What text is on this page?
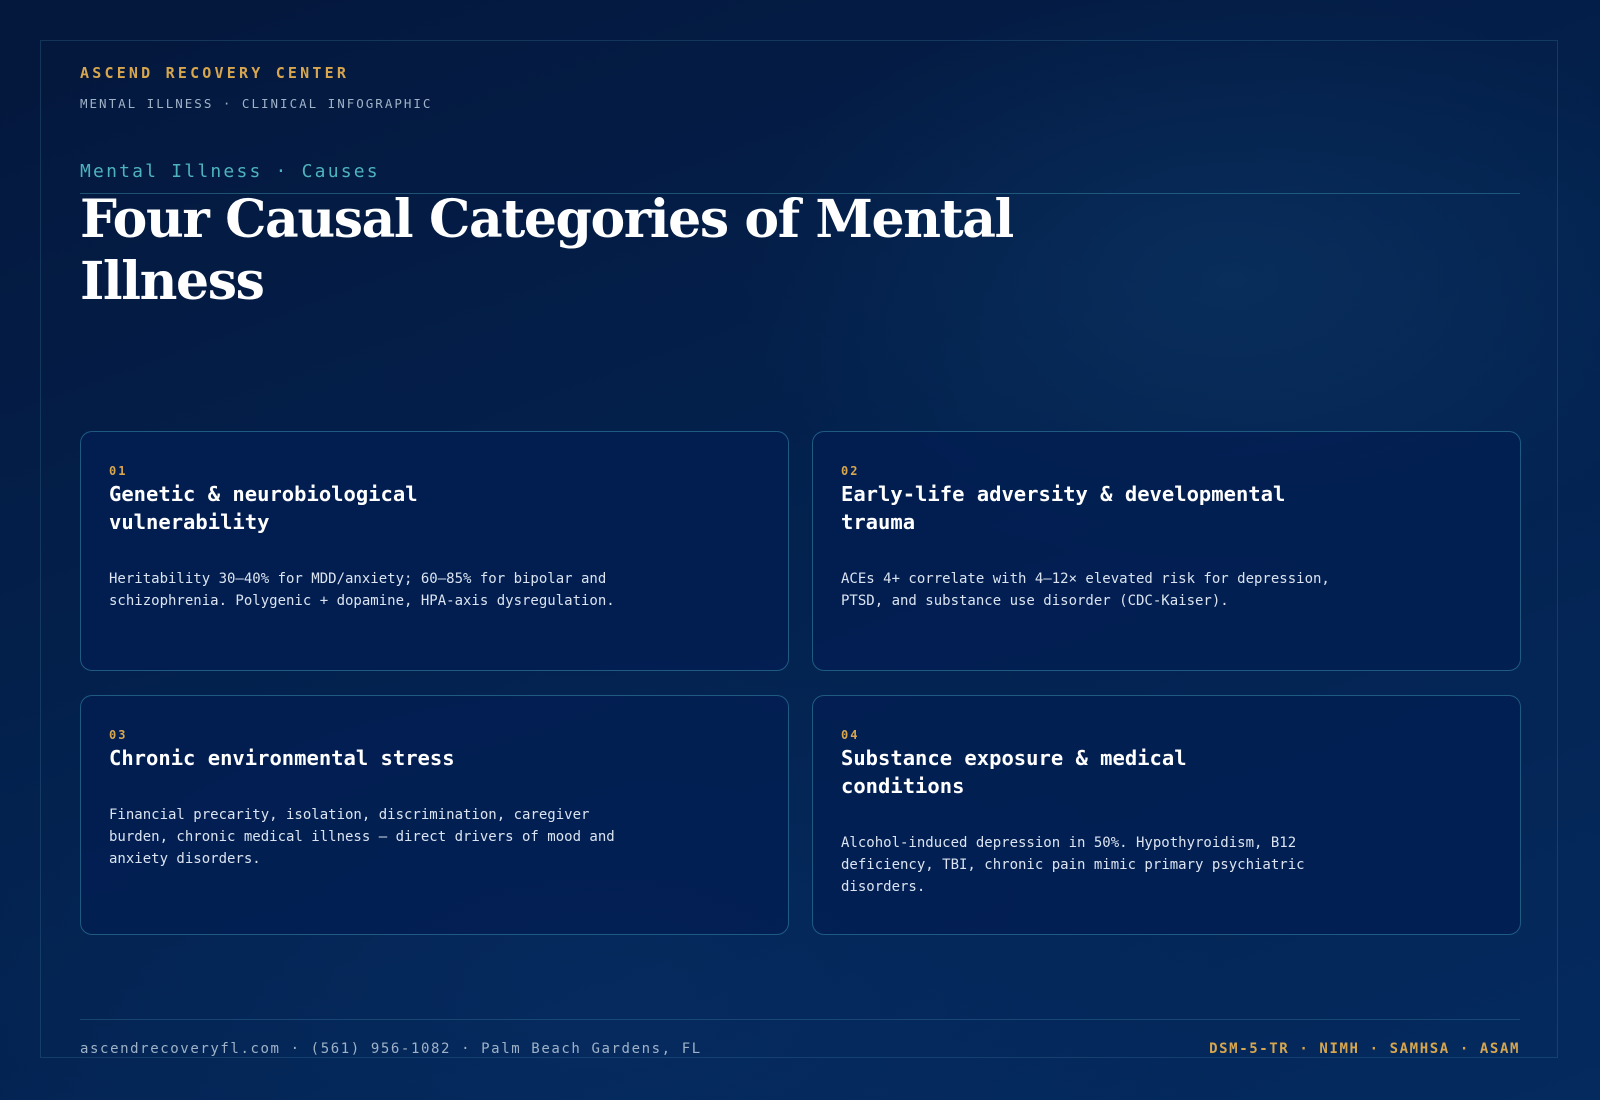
ASCEND RECOVERY CENTER
MENTAL ILLNESS · CLINICAL INFOGRAPHIC
Mental Illness · Causes
Four Causal Categories of Mental Illness
01
Genetic & neurobiological vulnerability
Heritability 30–40% for MDD/anxiety; 60–85% for bipolar and schizophrenia. Polygenic + dopamine, HPA-axis dysregulation.
02
Early-life adversity & developmental trauma
ACEs 4+ correlate with 4–12× elevated risk for depression, PTSD, and substance use disorder (CDC-Kaiser).
03
Chronic environmental stress
Financial precarity, isolation, discrimination, caregiver burden, chronic medical illness — direct drivers of mood and anxiety disorders.
04
Substance exposure & medical conditions
Alcohol-induced depression in 50%. Hypothyroidism, B12 deficiency, TBI, chronic pain mimic primary psychiatric disorders.
ascendrecoveryfl.com · (561) 956-1082 · Palm Beach Gardens, FL	DSM-5-TR · NIMH · SAMHSA · ASAM
